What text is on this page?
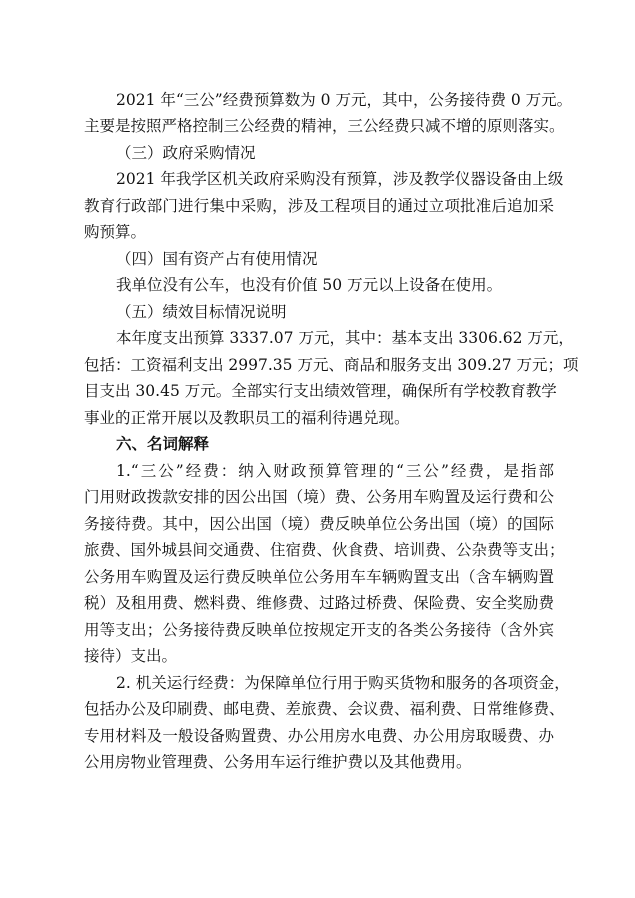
2021 年“三公”经费预算数为 0 万元，其中，公务接待费 0 万元。
主要是按照严格控制三公经费的精神，三公经费只减不增的原则落实。
（三）政府采购情况
2021 年我学区机关政府采购没有预算，涉及教学仪器设备由上级
教育行政部门进行集中采购，涉及工程项目的通过立项批准后追加采
购预算。
（四）国有资产占有使用情况
我单位没有公车，也没有价值 50 万元以上设备在使用。
（五）绩效目标情况说明
本年度支出预算 3337.07 万元，其中：基本支出 3306.62 万元，
包括：工资福利支出 2997.35 万元、商品和服务支出 309.27 万元；项
目支出 30.45 万元。全部实行支出绩效管理，确保所有学校教育教学
事业的正常开展以及教职员工的福利待遇兑现。
六、名词解释
1.“三公”经费：纳入财政预算管理的“三公”经费，是指部
门用财政拨款安排的因公出国（境）费、公务用车购置及运行费和公
务接待费。其中，因公出国（境）费反映单位公务出国（境）的国际
旅费、国外城县间交通费、住宿费、伙食费、培训费、公杂费等支出；
公务用车购置及运行费反映单位公务用车车辆购置支出（含车辆购置
税）及租用费、燃料费、维修费、过路过桥费、保险费、安全奖励费
用等支出；公务接待费反映单位按规定开支的各类公务接待（含外宾
接待）支出。
2. 机关运行经费：为保障单位行用于购买货物和服务的各项资金，
包括办公及印刷费、邮电费、差旅费、会议费、福利费、日常维修费、
专用材料及一般设备购置费、办公用房水电费、办公用房取暖费、办
公用房物业管理费、公务用车运行维护费以及其他费用。
